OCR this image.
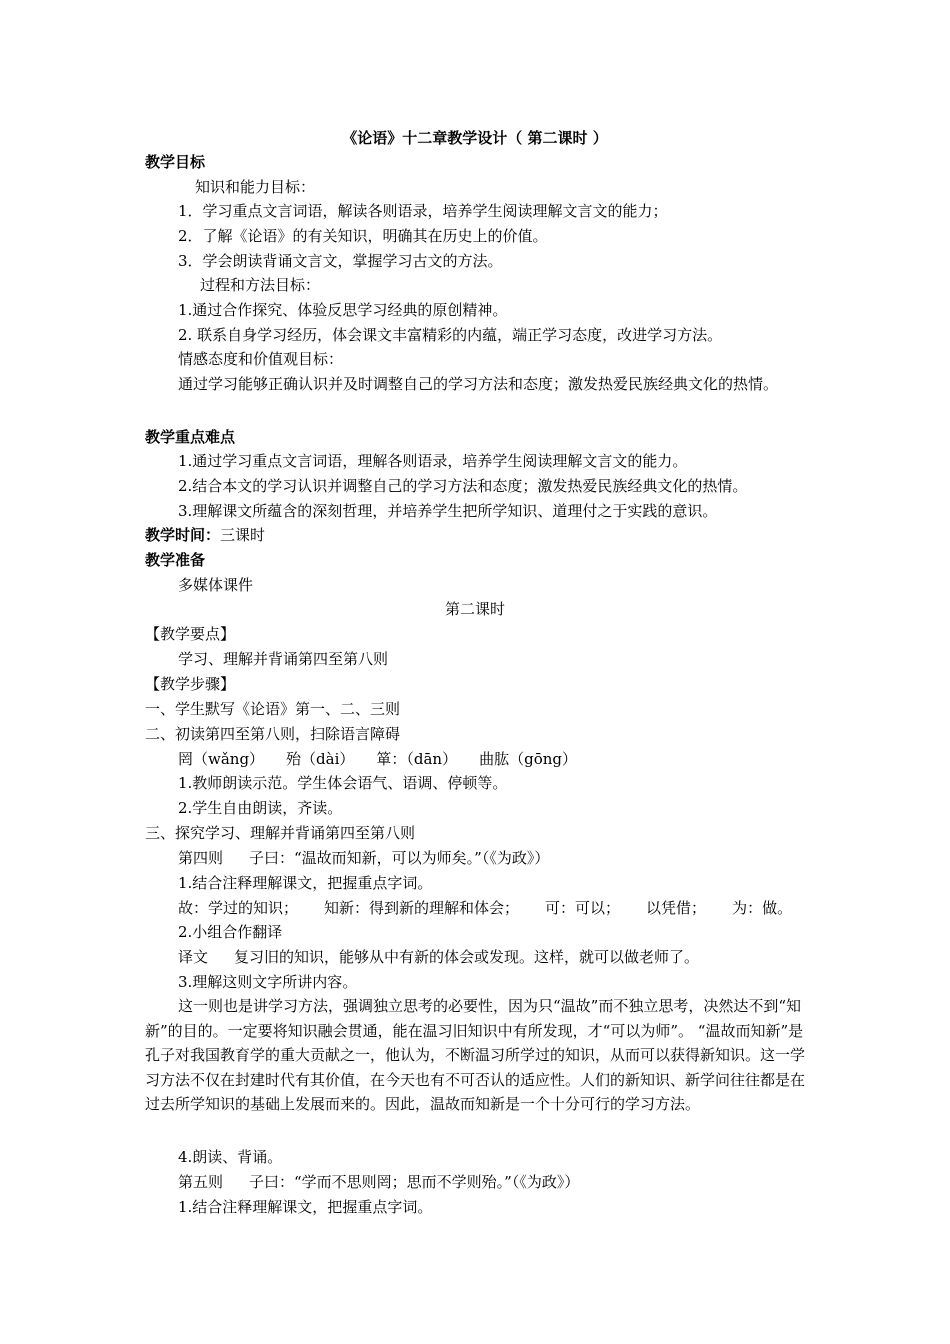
《论语》十二章教学设计（ 第二课时 ）
教学目标
知识和能力目标：
1．学习重点文言词语，解读各则语录，培养学生阅读理解文言文的能力；
2．了解《论语》的有关知识，明确其在历史上的价值。
3．学会朗读背诵文言文，掌握学习古文的方法。
过程和方法目标：
1.通过合作探究、体验反思学习经典的原创精神。
2. 联系自身学习经历，体会课文丰富精彩的内蕴，端正学习态度，改进学习方法。
情感态度和价值观目标：
通过学习能够正确认识并及时调整自己的学习方法和态度；激发热爱民族经典文化的热情。
教学重点难点
1.通过学习重点文言词语，理解各则语录，培养学生阅读理解文言文的能力。
2.结合本文的学习认识并调整自己的学习方法和态度；激发热爱民族经典文化的热情。
3.理解课文所蕴含的深刻哲理，并培养学生把所学知识、道理付之于实践的意识。
教学时间：三课时
教学准备
多媒体课件
第二课时
【教学要点】
学习、理解并背诵第四至第八则
【教学步骤】
一、学生默写《论语》第一、二、三则
二、初读第四至第八则，扫除语言障碍
罔（wǎng） 殆（dài） 箪：（dān） 曲肱（gōng）
1.教师朗读示范。学生体会语气、语调、停顿等。
2.学生自由朗读，齐读。
三、探究学习、理解并背诵第四至第八则
第四则 子曰：“温故而知新，可以为师矣。”（《为政》）
1.结合注释理解课文，把握重点字词。
故：学过的知识； 知新：得到新的理解和体会； 可：可以； 以凭借； 为：做。
2.小组合作翻译
译文 复习旧的知识，能够从中有新的体会或发现。这样，就可以做老师了。
3.理解这则文字所讲内容。
这一则也是讲学习方法，强调独立思考的必要性，因为只“温故”而不独立思考，决然达不到“知新”的目的。一定要将知识融会贯通，能在温习旧知识中有所发现，才“可以为师”。 “温故而知新”是孔子对我国教育学的重大贡献之一，他认为，不断温习所学过的知识，从而可以获得新知识。这一学习方法不仅在封建时代有其价值，在今天也有不可否认的适应性。人们的新知识、新学问往往都是在过去所学知识的基础上发展而来的。因此，温故而知新是一个十分可行的学习方法。
4.朗读、背诵。
第五则 子曰：“学而不思则罔；思而不学则殆。”（《为政》）
1.结合注释理解课文，把握重点字词。
